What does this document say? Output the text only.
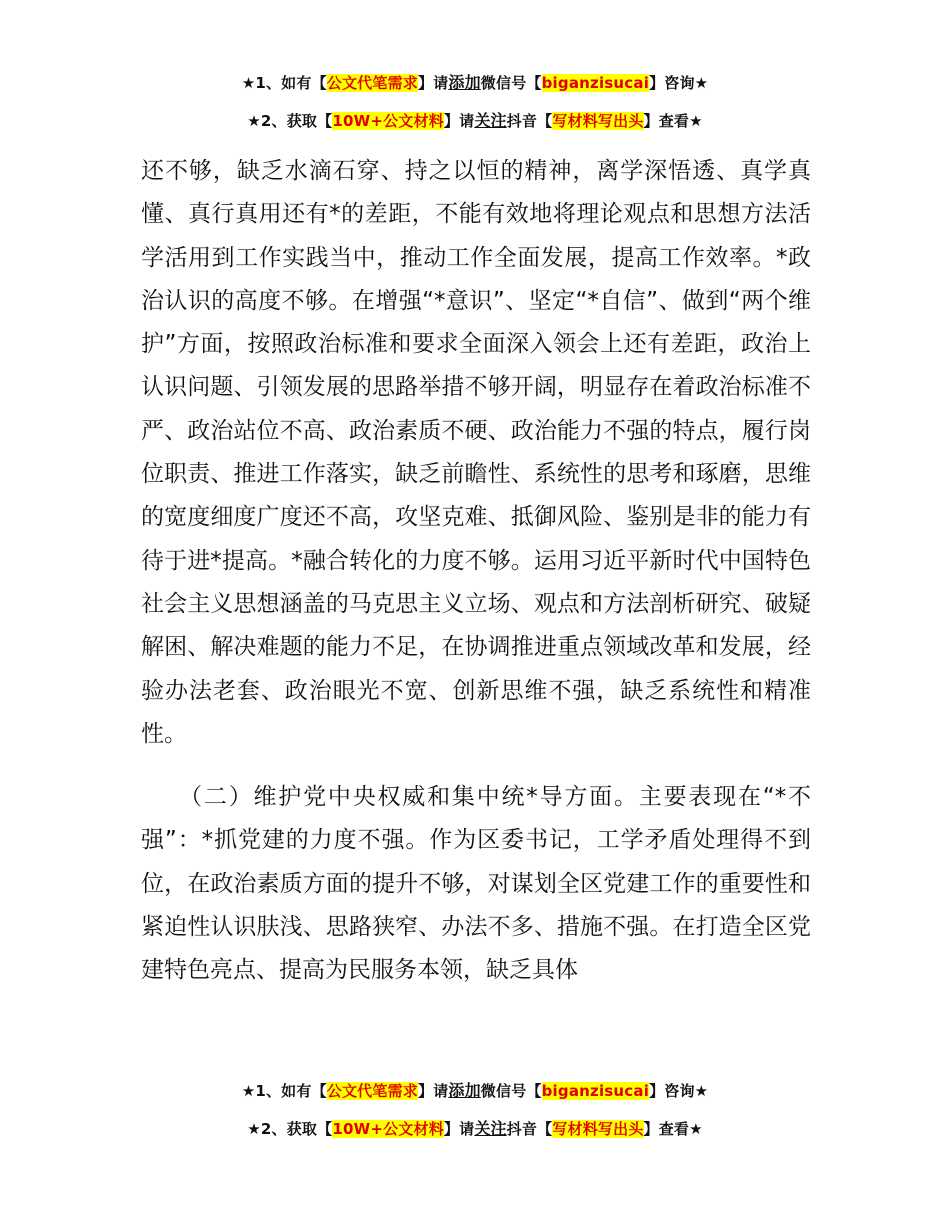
★1、如有【公文代笔需求】请添加微信号【biganzisucai】咨询★
★2、获取【10W+公文材料】请关注抖音【写材料写出头】查看★

还不够，缺乏水滴石穿、持之以恒的精神，离学深悟透、真学真懂、真行真用还有*的差距，不能有效地将理论观点和思想方法活学活用到工作实践当中，推动工作全面发展，提高工作效率。*政治认识的高度不够。在增强“*意识”、坚定“*自信”、做到“两个维护”方面，按照政治标准和要求全面深入领会上还有差距，政治上认识问题、引领发展的思路举措不够开阔，明显存在着政治标准不严、政治站位不高、政治素质不硬、政治能力不强的特点，履行岗位职责、推进工作落实，缺乏前瞻性、系统性的思考和琢磨，思维的宽度细度广度还不高，攻坚克难、抵御风险、鉴别是非的能力有待于进*提高。*融合转化的力度不够。运用习近平新时代中国特色社会主义思想涵盖的马克思主义立场、观点和方法剖析研究、破疑解困、解决难题的能力不足，在协调推进重点领域改革和发展，经验办法老套、政治眼光不宽、创新思维不强，缺乏系统性和精准性。

　　（二）维护党中央权威和集中统*导方面。主要表现在“*不强”：*抓党建的力度不强。作为区委书记，工学矛盾处理得不到位，在政治素质方面的提升不够，对谋划全区党建工作的重要性和紧迫性认识肤浅、思路狭窄、办法不多、措施不强。在打造全区党建特色亮点、提高为民服务本领，缺乏具体

★1、如有【公文代笔需求】请添加微信号【biganzisucai】咨询★
★2、获取【10W+公文材料】请关注抖音【写材料写出头】查看★
